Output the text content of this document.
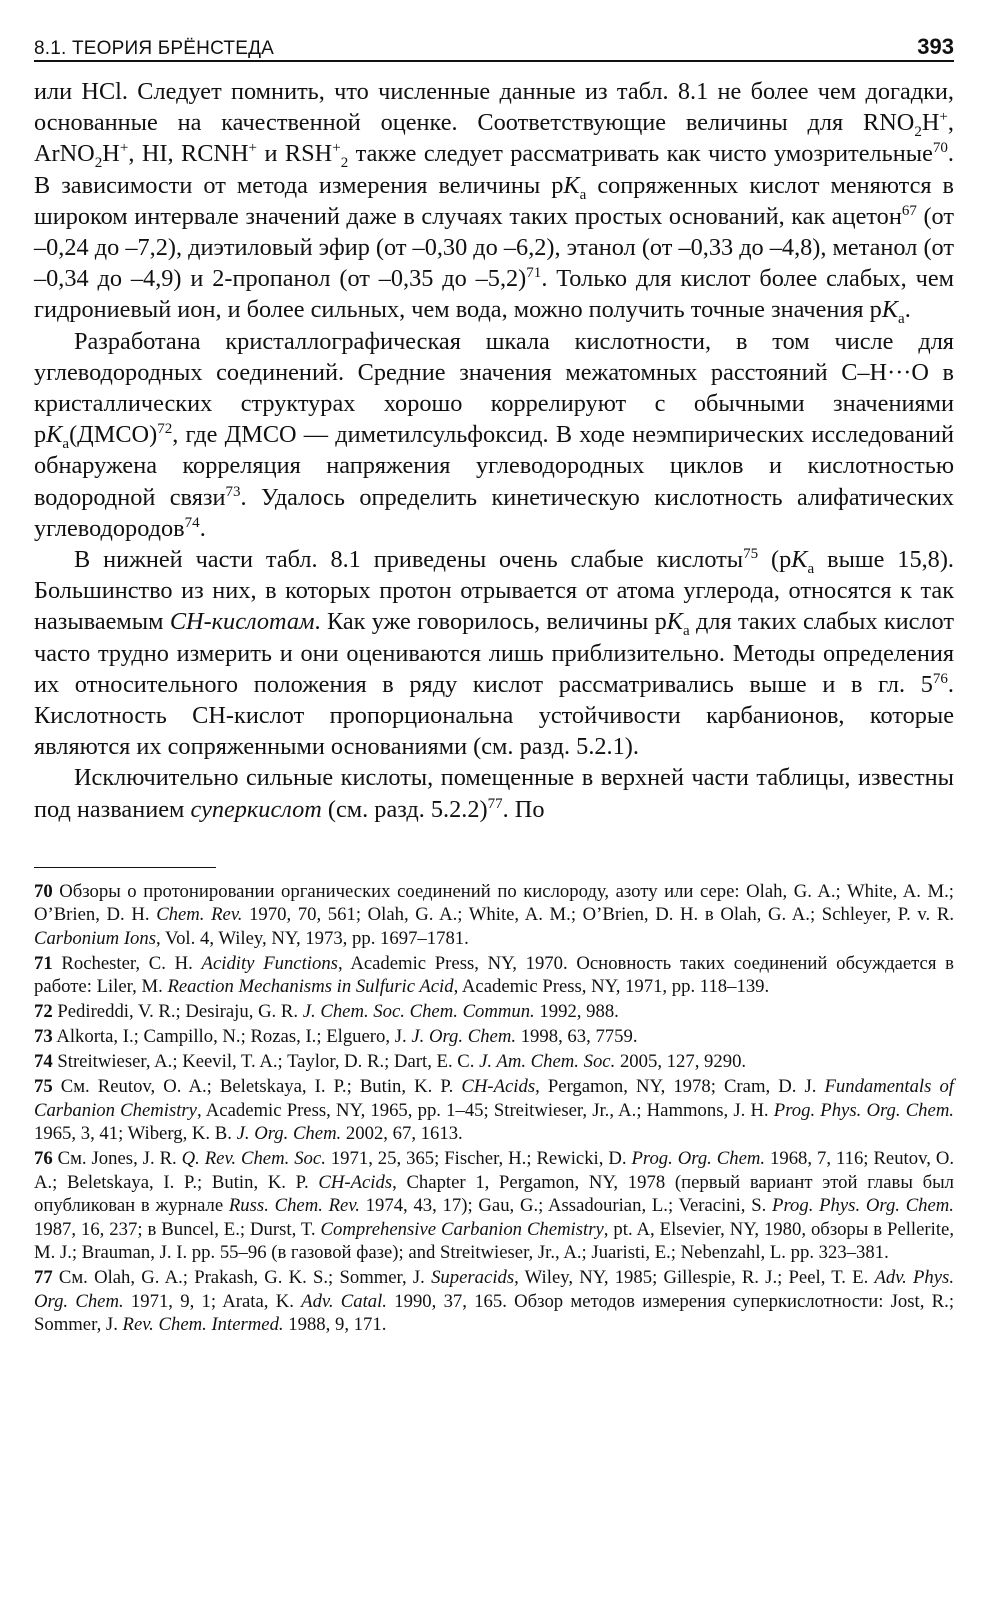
8.1. ТЕОРИЯ БРЁНСТЕДА	393

или HCl. Следует помнить, что численные данные из табл. 8.1 не более чем догадки, основанные на качественной оценке. Соответствующие величины для $RNO_2H^+$, ArNO$_2$H+, HI, RCNH+ и $RSH^+_2$ также следует рассматривать как чисто умозрительные$^{70}$. В зависимости от метода измерения величины $pK_a$ сопряженных кислот меняются в широком интервале значений даже в случаях таких простых оснований, как ацетон$^{67}$ (от –0,24 до –7,2), диэтиловый эфир (от –0,30 до –6,2), этанол (от –0,33 до –4,8), метанол (от –0,34 до –4,9) и 2-пропанол (от –0,35 до –5,2)$^{71}$. Только для кислот более слабых, чем гидрониевый ион, и более сильных, чем вода, можно получить точные значения $pK_a$.

Разработана кристаллографическая шкала кислотности, в том числе для углеводородных соединений. Средние значения межатомных расстояний C–H···O в кристаллических структурах хорошо коррелируют с обычными значениями $pK_a(ДМСО)^{72}$, где ДМСО — диметилсульфоксид. В ходе неэмпирических исследований обнаружена корреляция напряжения углеводородных циклов и кислотностью водородной связи$^{73}$. Удалось определить кинетическую кислотность алифатических углеводородов$^{74}$.

В нижней части табл. 8.1 приведены очень слабые кислоты$^{75}$ ($pK_a$ выше 15,8). Большинство из них, в которых протон отрывается от атома углерода, относятся к так называемым CH-кислотам. Как уже говорилось, величины $pK_a$ для таких слабых кислот часто трудно измерить и они оцениваются лишь приблизительно. Методы определения их относительного положения в ряду кислот рассматривались выше и в гл. $5^{76}$. Кислотность CH-кислот пропорциональна устойчивости карбанионов, которые являются их сопряженными основаниями (см. разд. 5.2.1).

Исключительно сильные кислоты, помещенные в верхней части таблицы, известны под названием суперкислот (см. разд. 5.2.2)$^{77}$. По

70 Обзоры о протонировании органических соединений по кислороду, азоту или сере: Olah, G. A.; White, A. M.; O’Brien, D. H. Chem. Rev. 1970, 70, 561; Olah, G. A.; White, A. M.; O’Brien, D. H. в Olah, G. A.; Schleyer, P. v. R. Carbonium Ions, Vol. 4, Wiley, NY, 1973, pp. 1697–1781.

71 Rochester, C. H. Acidity Functions, Academic Press, NY, 1970. Основность таких соединений обсуждается в работе: Liler, M. Reaction Mechanisms in Sulfuric Acid, Academic Press, NY, 1971, pp. 118–139.

72 Pedireddi, V. R.; Desiraju, G. R. J. Chem. Soc. Chem. Commun. 1992, 988.

73 Alkorta, I.; Campillo, N.; Rozas, I.; Elguero, J. J. Org. Chem. 1998, 63, 7759.

74 Streitwieser, A.; Keevil, T. A.; Taylor, D. R.; Dart, E. C. J. Am. Chem. Soc. 2005, 127, 9290.

75 См. Reutov, O. A.; Beletskaya, I. P.; Butin, K. P. CH-Acids, Pergamon, NY, 1978; Cram, D. J. Fundamentals of Carbanion Chemistry, Academic Press, NY, 1965, pp. 1–45; Streitwieser, Jr., A.; Hammons, J. H. Prog. Phys. Org. Chem. 1965, 3, 41; Wiberg, K. B. J. Org. Chem. 2002, 67, 1613.

76 См. Jones, J. R. Q. Rev. Chem. Soc. 1971, 25, 365; Fischer, H.; Rewicki, D. Prog. Org. Chem. 1968, 7, 116; Reutov, O. A.; Beletskaya, I. P.; Butin, K. P. CH-Acids, Chapter 1, Pergamon, NY, 1978 (первый вариант этой главы был опубликован в журнале Russ. Chem. Rev. 1974, 43, 17); Gau, G.; Assadourian, L.; Veracini, S. Prog. Phys. Org. Chem. 1987, 16, 237; в Buncel, E.; Durst, T. Comprehensive Carbanion Chemistry, pt. A, Elsevier, NY, 1980, обзоры в Pellerite, M. J.; Brauman, J. I. pp. 55–96 (в газовой фазе); and Streitwieser, Jr., A.; Juaristi, E.; Nebenzahl, L. pp. 323–381.

77 См. Olah, G. A.; Prakash, G. K. S.; Sommer, J. Superacids, Wiley, NY, 1985; Gillespie, R. J.; Peel, T. E. Adv. Phys. Org. Chem. 1971, 9, 1; Arata, K. Adv. Catal. 1990, 37, 165. Обзор методов измерения суперкислотности: Jost, R.; Sommer, J. Rev. Chem. Intermed. 1988, 9, 171.
